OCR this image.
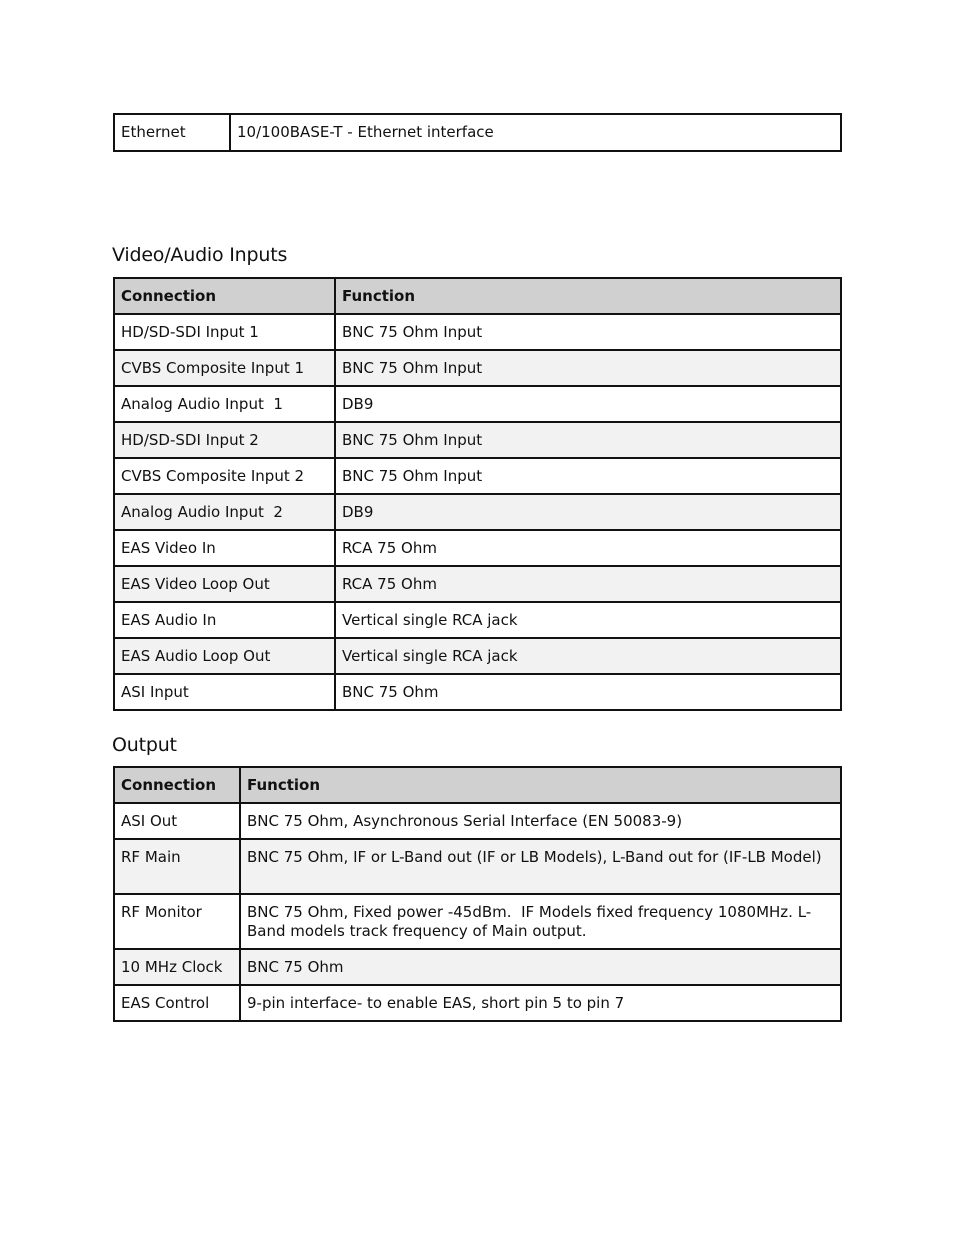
Ethernet	10/100BASE-T - Ethernet interface
Video/Audio Inputs
Connection	Function
HD/SD-SDI Input 1	BNC 75 Ohm Input
CVBS Composite Input 1	BNC 75 Ohm Input
Analog Audio Input  1	DB9
HD/SD-SDI Input 2	BNC 75 Ohm Input
CVBS Composite Input 2	BNC 75 Ohm Input
Analog Audio Input  2	DB9
EAS Video In	RCA 75 Ohm
EAS Video Loop Out	RCA 75 Ohm
EAS Audio In	Vertical single RCA jack
EAS Audio Loop Out	Vertical single RCA jack
ASI Input	BNC 75 Ohm
Output
Connection	Function
ASI Out	BNC 75 Ohm, Asynchronous Serial Interface (EN 50083-9)
RF Main	BNC 75 Ohm, IF or L-Band out (IF or LB Models), L-Band out for (IF-LB Model)
RF Monitor	BNC 75 Ohm, Fixed power -45dBm.  IF Models fixed frequency 1080MHz. L-Band models track frequency of Main output.
10 MHz Clock	BNC 75 Ohm
EAS Control	9-pin interface- to enable EAS, short pin 5 to pin 7
